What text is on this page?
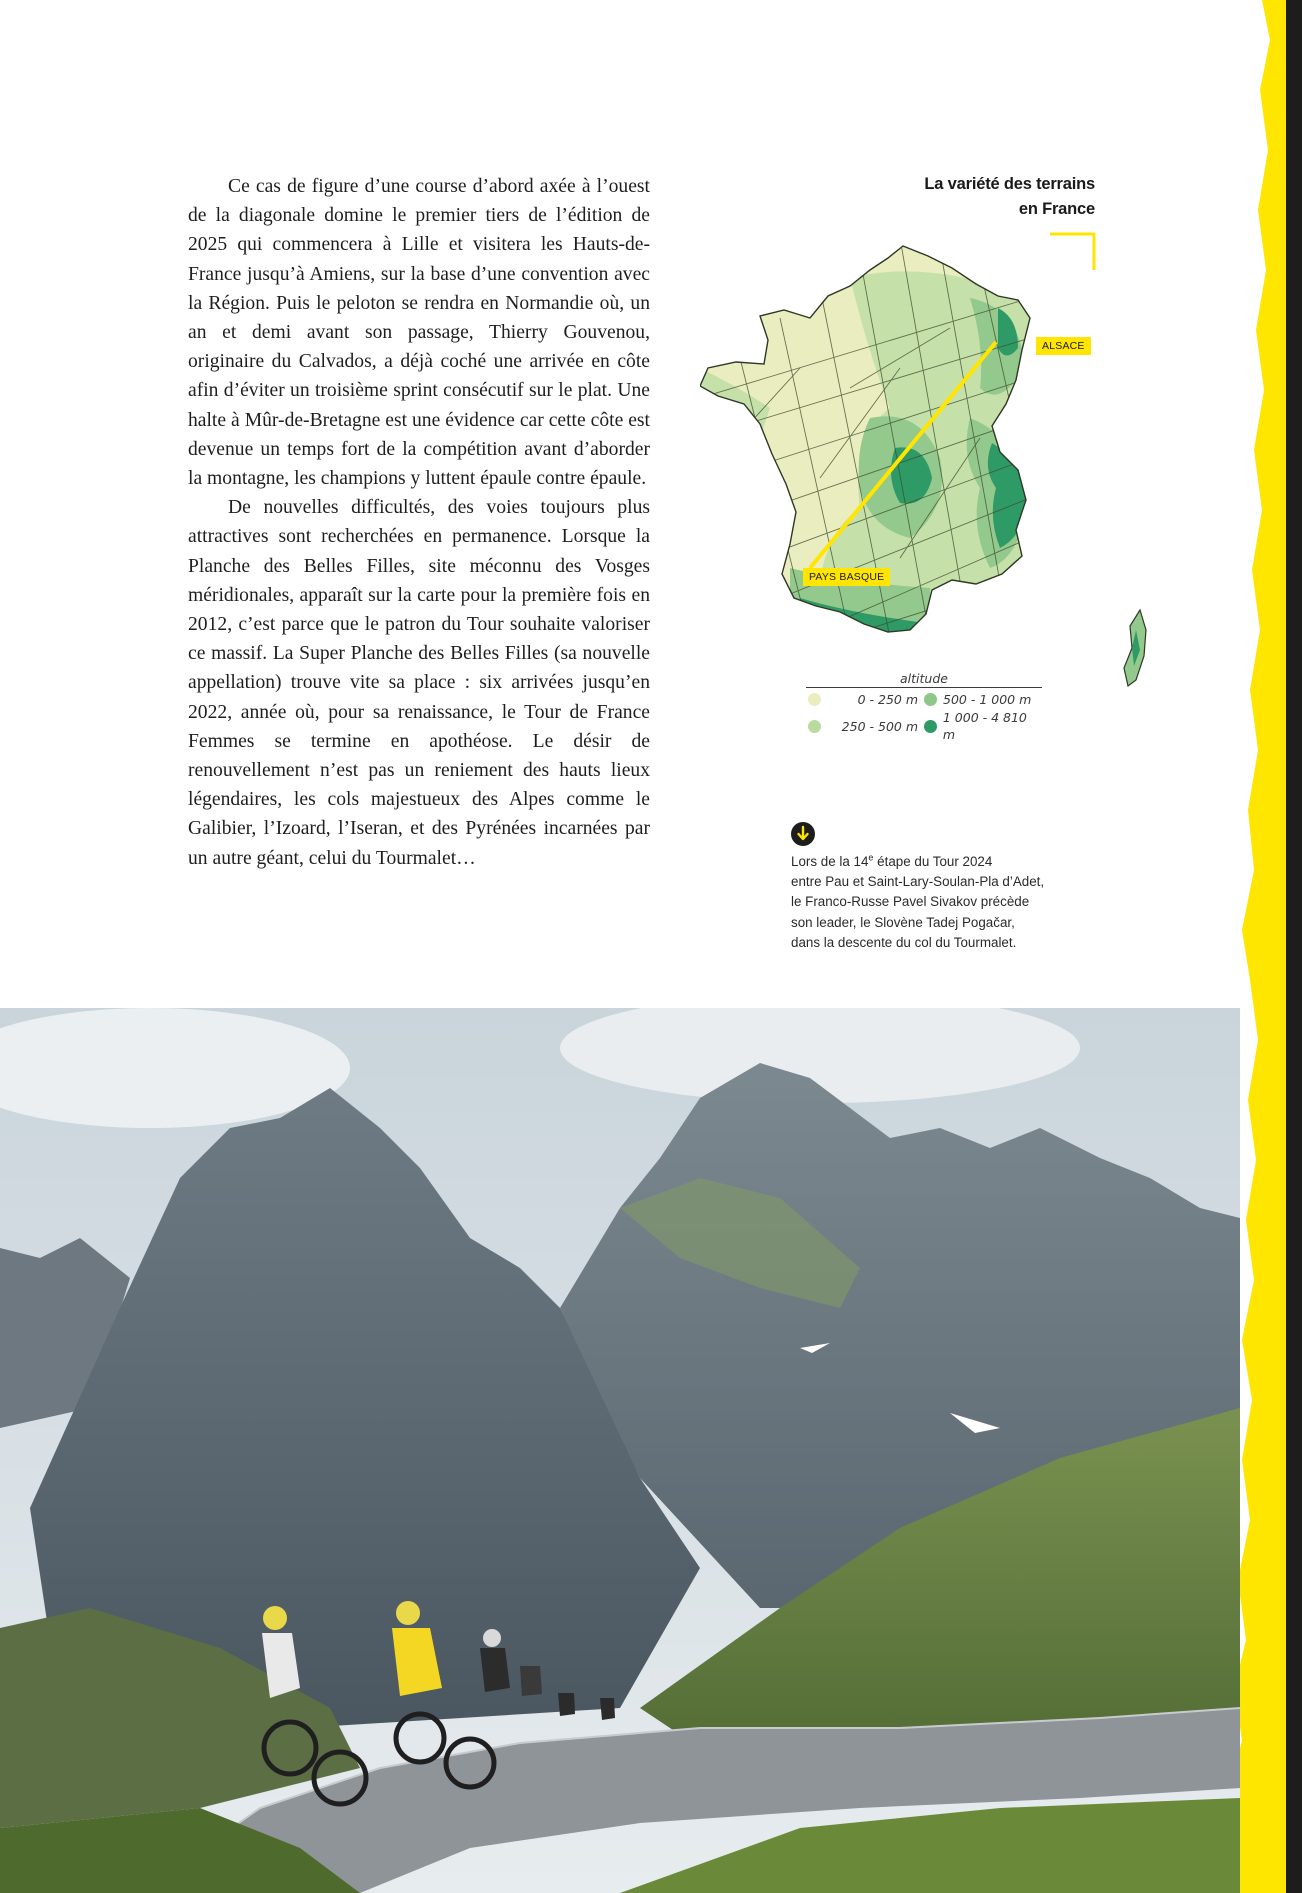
Ce cas de figure d’une course d’abord axée à l’ouest de la diagonale domine le premier tiers de l’édition de 2025 qui commencera à Lille et visitera les Hauts-de-France jusqu’à Amiens, sur la base d’une convention avec la Région. Puis le peloton se rendra en Normandie où, un an et demi avant son passage, Thierry Gouvenou, originaire du Calvados, a déjà coché une arrivée en côte afin d’éviter un troisième sprint consécutif sur le plat. Une halte à Mûr-de-Bretagne est une évidence car cette côte est devenue un temps fort de la compétition avant d’aborder la montagne, les champions y luttent épaule contre épaule.

De nouvelles difficultés, des voies toujours plus attractives sont recherchées en permanence. Lorsque la Planche des Belles Filles, site méconnu des Vosges méridionales, apparaît sur la carte pour la première fois en 2012, c’est parce que le patron du Tour souhaite valoriser ce massif. La Super Planche des Belles Filles (sa nouvelle appellation) trouve vite sa place : six arrivées jusqu’en 2022, année où, pour sa renaissance, le Tour de France Femmes se termine en apothéose. Le désir de renouvellement n’est pas un reniement des hauts lieux légendaires, les cols majestueux des Alpes comme le Galibier, l’Izoard, l’Iseran, et des Pyrénées incarnées par un autre géant, celui du Tourmalet…

La variété des terrains
en France
ALSACE
PAYS BASQUE
altitude
0 - 250 m 500 - 1 000 m
250 - 500 m
1 000 - 4 810 m
Lors de la 14e étape du Tour 2024
entre Pau et Saint-Lary-Soulan-Pla d’Adet,
le Franco-Russe Pavel Sivakov précède
son leader, le Slovène Tadej Pogačar,
dans la descente du col du Tourmalet.
